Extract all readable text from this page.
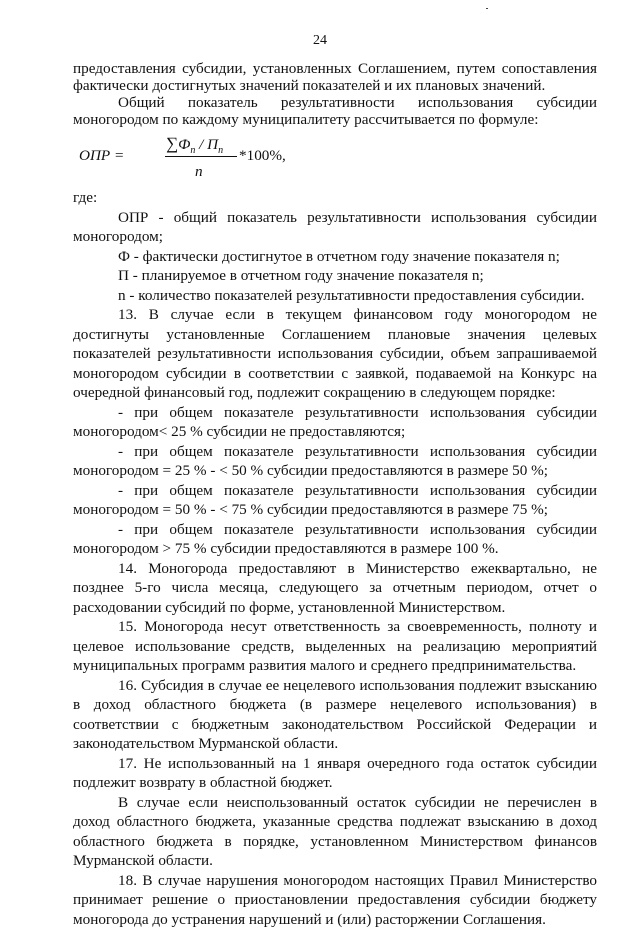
24

предоставления субсидии, установленных Соглашением, путем сопоставления фактически достигнутых значений показателей и их плановых значений.

Общий показатель результативности использования субсидии моногородом по каждому муниципалитету рассчитывается по формуле:

ОПР =
$\sum Ф_n / П_n$
n
*100%,

где:

ОПР - общий показатель результативности использования субсидии моногородом;

Ф - фактически достигнутое в отчетном году значение показателя n;

П - планируемое в отчетном году значение показателя n;

n - количество показателей результативности предоставления субсидии.

13. В случае если в текущем финансовом году моногородом не достигнуты установленные Соглашением плановые значения целевых показателей результативности использования субсидии, объем запрашиваемой моногородом субсидии в соответствии с заявкой, подаваемой на Конкурс на очередной финансовый год, подлежит сокращению в следующем порядке:

- при общем показателе результативности использования субсидии моногородом< 25 % субсидии не предоставляются;

- при общем показателе результативности использования субсидии моногородом = 25 % - < 50 % субсидии предоставляются в размере 50 %;

- при общем показателе результативности использования субсидии моногородом = 50 % - < 75 % субсидии предоставляются в размере 75 %;

- при общем показателе результативности использования субсидии моногородом > 75 % субсидии предоставляются в размере 100 %.

14. Моногорода предоставляют в Министерство ежеквартально, не позднее 5-го числа месяца, следующего за отчетным периодом, отчет о расходовании субсидий по форме, установленной Министерством.

15. Моногорода несут ответственность за своевременность, полноту и целевое использование средств, выделенных на реализацию мероприятий муниципальных программ развития малого и среднего предпринимательства.

16. Субсидия в случае ее нецелевого использования подлежит взысканию в доход областного бюджета (в размере нецелевого использования) в соответствии с бюджетным законодательством Российской Федерации и законодательством Мурманской области.

17. Не использованный на 1 января очередного года остаток субсидии подлежит возврату в областной бюджет.

В случае если неиспользованный остаток субсидии не перечислен в доход областного бюджета, указанные средства подлежат взысканию в доход областного бюджета в порядке, установленном Министерством финансов Мурманской области.

18. В случае нарушения моногородом настоящих Правил Министерство принимает решение о приостановлении предоставления субсидии бюджету моногорода до устранения нарушений и (или) расторжении Соглашения.
